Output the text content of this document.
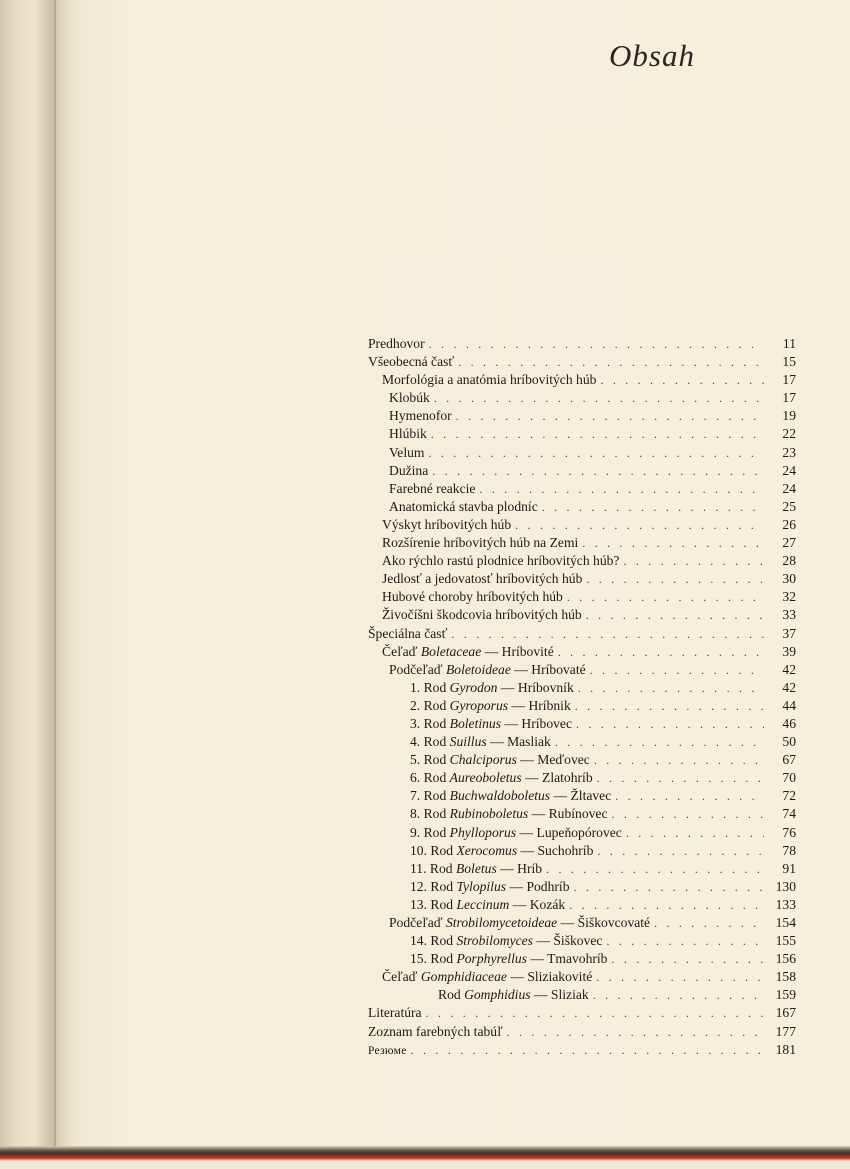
Obsah
Predhovor . . .	11
Všeobecná časť . . .	15
Morfológia a anatómia hríbovitých húb . . .	17
Klobúk . . .	17
Hymenofor . . .	19
Hlúbik . . .	22
Velum . . .	23
Dužina . . .	24
Farebné reakcie . . .	24
Anatomická stavba plodníc . . .	25
Výskyt hríbovitých húb . . .	26
Rozšírenie hríbovitých húb na Zemi . . .	27
Ako rýchlo rastú plodnice hríbovitých húb? . . .	28
Jedlosť a jedovatosť hríbovitých húb . . .	30
Hubové choroby hríbovitých húb . . .	32
Živočíšni škodcovia hríbovitých húb . . .	33
Špeciálna časť . . .	37
Čeľaď Boletaceae — Hríbovité . . .	39
Podčeľaď Boletoideae — Hríbovaté . . .	42
1. Rod Gyrodon — Hríbovník . . .	42
2. Rod Gyroporus — Hríbnik . . .	44
3. Rod Boletinus — Hríbovec . . .	46
4. Rod Suillus — Masliak . . .	50
5. Rod Chalciporus — Meďovec . . .	67
6. Rod Aureoboletus — Zlatohríb . . .	70
7. Rod Buchwaldoboletus — Žltavec . . .	72
8. Rod Rubinoboletus — Rubínovec . . .	74
9. Rod Phylloporus — Lupeňopórovec . . .	76
10. Rod Xerocomus — Suchohríb . . .	78
11. Rod Boletus — Hríb . . .	91
12. Rod Tylopilus — Podhríb . . .	130
13. Rod Leccinum — Kozák . . .	133
Podčeľaď Strobilomycetoideae — Šiškovcovaté . . .	154
14. Rod Strobilomyces — Šiškovec . . .	155
15. Rod Porphyrellus — Tmavohríb . . .	156
Čeľaď Gomphidiaceae — Sliziakovité . . .	158
Rod Gomphidius — Sliziak . . .	159
Literatúra . . .	167
Zoznam farebných tabúľ . . .	177
Резюме . . .	181
